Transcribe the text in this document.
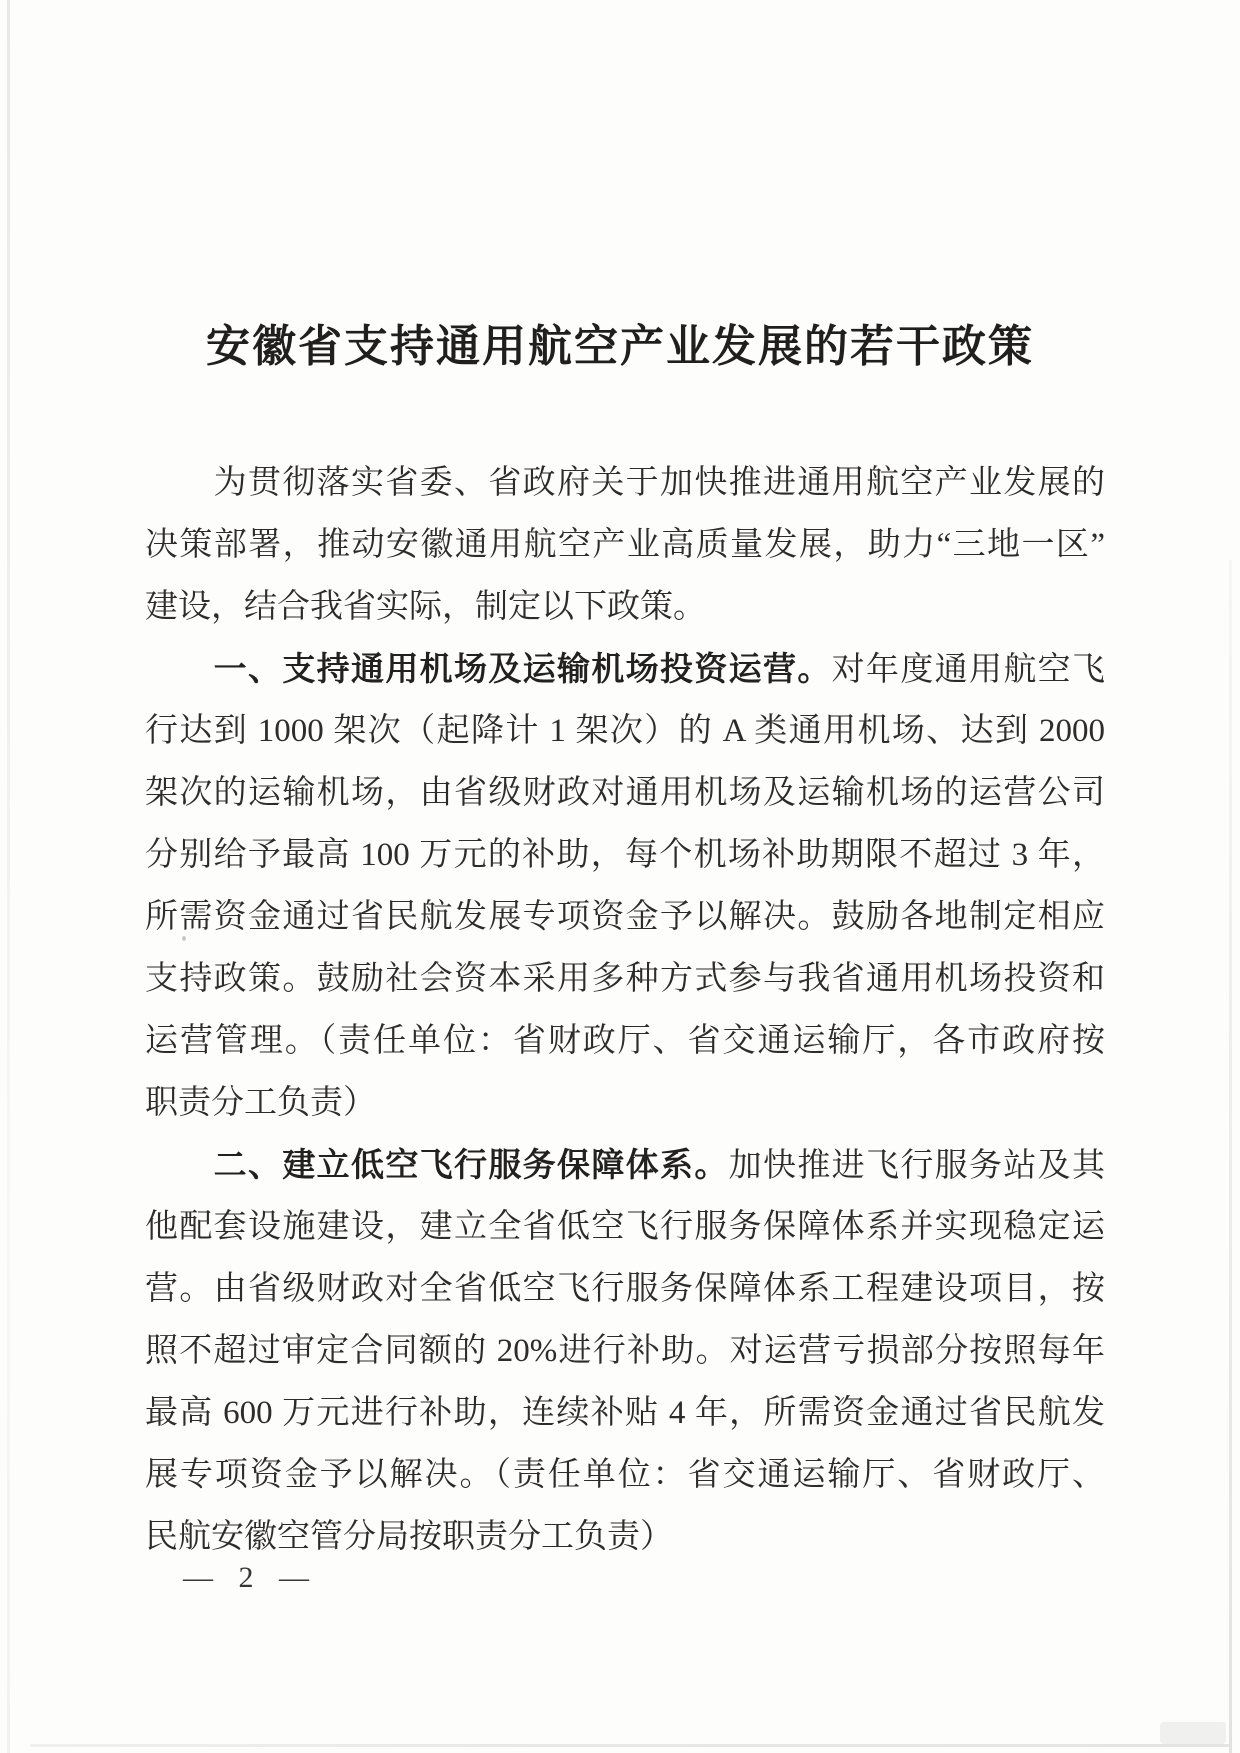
安徽省支持通用航空产业发展的若干政策
　　为贯彻落实省委、省政府关于加快推进通用航空产业发展的
决策部署，推动安徽通用航空产业高质量发展，助力“三地一区”
建设，结合我省实际，制定以下政策。
　　一、支持通用机场及运输机场投资运营。对年度通用航空飞
行达到 1000 架次（起降计 1 架次）的 A 类通用机场、达到 2000
架次的运输机场，由省级财政对通用机场及运输机场的运营公司
分别给予最高 100 万元的补助，每个机场补助期限不超过 3 年，
所需资金通过省民航发展专项资金予以解决。鼓励各地制定相应
支持政策。鼓励社会资本采用多种方式参与我省通用机场投资和
运营管理。（责任单位：省财政厅、省交通运输厅，各市政府按
职责分工负责）
　　二、建立低空飞行服务保障体系。加快推进飞行服务站及其
他配套设施建设，建立全省低空飞行服务保障体系并实现稳定运
营。由省级财政对全省低空飞行服务保障体系工程建设项目，按
照不超过审定合同额的 20%进行补助。对运营亏损部分按照每年
最高 600 万元进行补助，连续补贴 4 年，所需资金通过省民航发
展专项资金予以解决。（责任单位：省交通运输厅、省财政厅、
民航安徽空管分局按职责分工负责）
— 2 —
